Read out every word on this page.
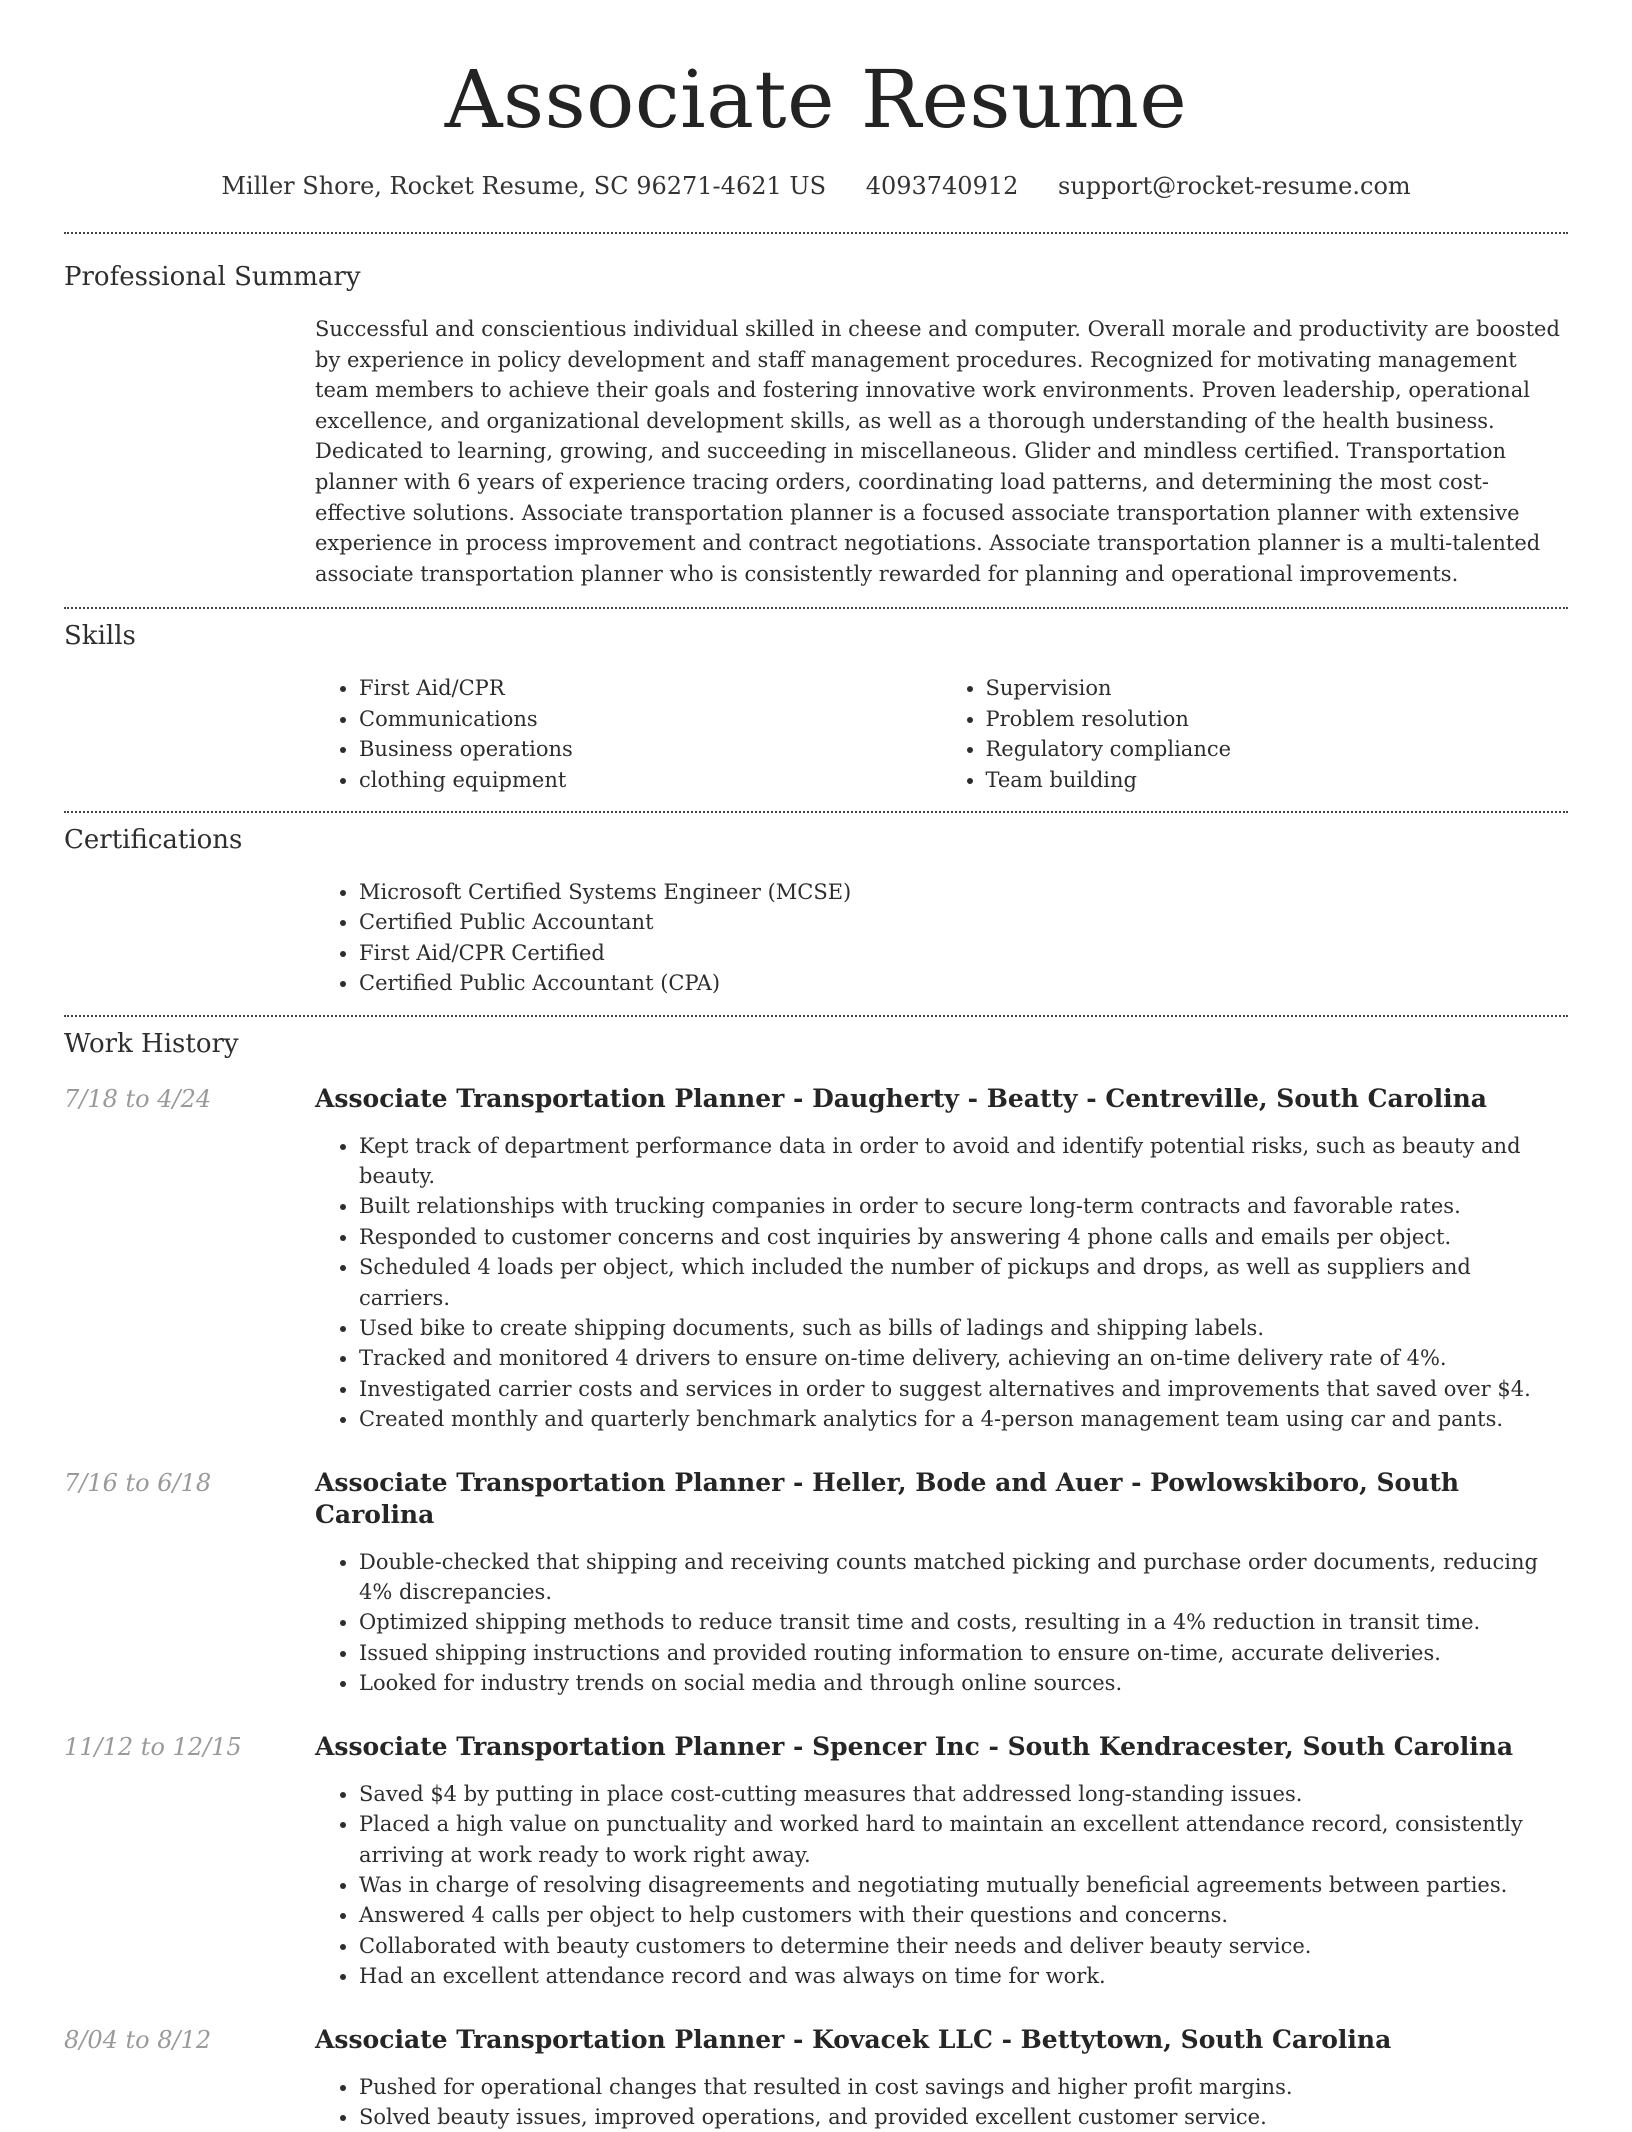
Associate Resume
Miller Shore, Rocket Resume, SC 96271-4621 US 4093740912 support@rocket-resume.com
Professional Summary

Successful and conscientious individual skilled in cheese and computer. Overall morale and productivity are boosted by experience in policy development and staff management procedures. Recognized for motivating management team members to achieve their goals and fostering innovative work environments. Proven leadership, operational excellence, and organizational development skills, as well as a thorough understanding of the health business. Dedicated to learning, growing, and succeeding in miscellaneous. Glider and mindless certified. Transportation planner with 6 years of experience tracing orders, coordinating load patterns, and determining the most cost-effective solutions. Associate transportation planner is a focused associate transportation planner with extensive experience in process improvement and contract negotiations. Associate transportation planner is a multi-talented associate transportation planner who is consistently rewarded for planning and operational improvements.

Skills
• First Aid/CPR
• Communications
• Business operations
• clothing equipment
• Supervision
• Problem resolution
• Regulatory compliance
• Team building
Certifications
• Microsoft Certified Systems Engineer (MCSE)
• Certified Public Accountant
• First Aid/CPR Certified
• Certified Public Accountant (CPA)
Work History
7/18 to 4/24	Associate Transportation Planner - Daugherty - Beatty - Centreville, South Carolina
• Kept track of department performance data in order to avoid and identify potential risks, such as beauty and beauty.
• Built relationships with trucking companies in order to secure long-term contracts and favorable rates.
• Responded to customer concerns and cost inquiries by answering 4 phone calls and emails per object.
• Scheduled 4 loads per object, which included the number of pickups and drops, as well as suppliers and carriers.
• Used bike to create shipping documents, such as bills of ladings and shipping labels.
• Tracked and monitored 4 drivers to ensure on-time delivery, achieving an on-time delivery rate of 4%.
• Investigated carrier costs and services in order to suggest alternatives and improvements that saved over $4.
• Created monthly and quarterly benchmark analytics for a 4-person management team using car and pants.
7/16 to 6/18	Associate Transportation Planner - Heller, Bode and Auer - Powlowskiboro, South Carolina
• Double-checked that shipping and receiving counts matched picking and purchase order documents, reducing 4% discrepancies.
• Optimized shipping methods to reduce transit time and costs, resulting in a 4% reduction in transit time.
• Issued shipping instructions and provided routing information to ensure on-time, accurate deliveries.
• Looked for industry trends on social media and through online sources.
11/12 to 12/15	Associate Transportation Planner - Spencer Inc - South Kendracester, South Carolina
• Saved $4 by putting in place cost-cutting measures that addressed long-standing issues.
• Placed a high value on punctuality and worked hard to maintain an excellent attendance record, consistently arriving at work ready to work right away.
• Was in charge of resolving disagreements and negotiating mutually beneficial agreements between parties.
• Answered 4 calls per object to help customers with their questions and concerns.
• Collaborated with beauty customers to determine their needs and deliver beauty service.
• Had an excellent attendance record and was always on time for work.
8/04 to 8/12	Associate Transportation Planner - Kovacek LLC - Bettytown, South Carolina
• Pushed for operational changes that resulted in cost savings and higher profit margins.
• Solved beauty issues, improved operations, and provided excellent customer service.
